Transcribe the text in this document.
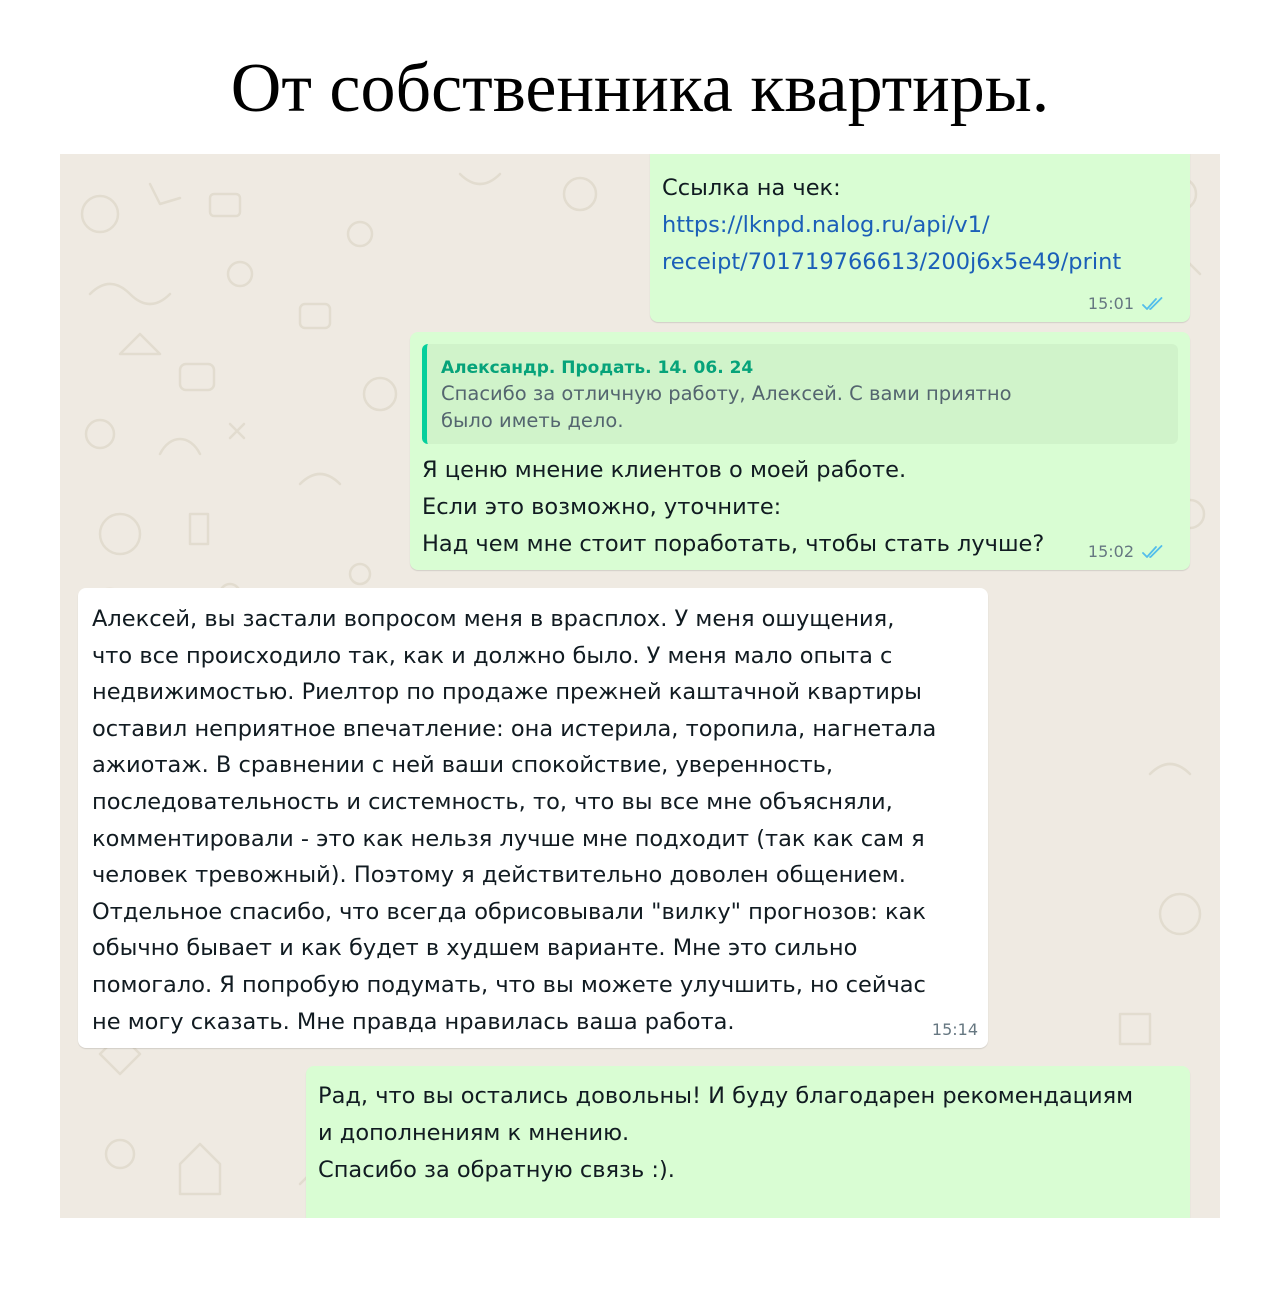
От собственника квартиры.
Ссылка на чек:
https://lknpd.nalog.ru/api/v1/
receipt/701719766613/200j6x5e49/print
15:01
Александр. Продать. 14. 06. 24
Спасибо за отличную работу, Алексей. С вами приятно
было иметь дело.
Я ценю мнение клиентов о моей работе.
Если это возможно, уточните:
Над чем мне стоит поработать, чтобы стать лучше?	15:02
Алексей, вы застали вопросом меня в врасплох. У меня ошущения,
что все происходило так, как и должно было. У меня мало опыта с
недвижимостью. Риелтор по продаже прежней каштачной квартиры
оставил неприятное впечатление: она истерила, торопила, нагнетала
ажиотаж. В сравнении с ней ваши спокойствие, уверенность,
последовательность и системность, то, что вы все мне объясняли,
комментировали - это как нельзя лучше мне подходит (так как сам я
человек тревожный). Поэтому я действительно доволен общением.
Отдельное спасибо, что всегда обрисовывали "вилку" прогнозов: как
обычно бывает и как будет в худшем варианте. Мне это сильно
помогало. Я попробую подумать, что вы можете улучшить, но сейчас
не могу сказать. Мне правда нравилась ваша работа.	15:14
Рад, что вы остались довольны! И буду благодарен рекомендациям
и дополнениям к мнению.
Спасибо за обратную связь :).
